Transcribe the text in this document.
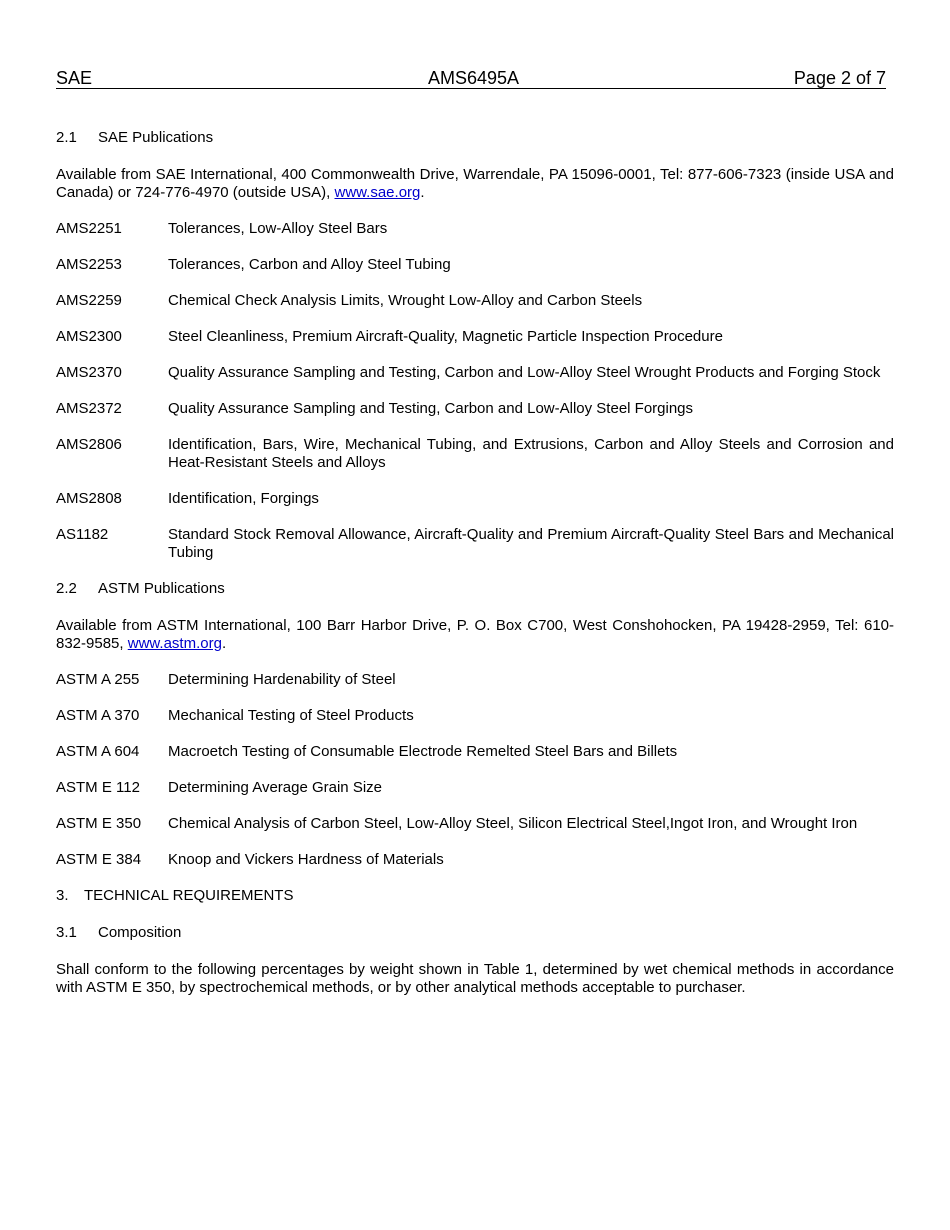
SAE	AMS6495A	Page 2 of 7
2.1 SAE Publications
Available from SAE International, 400 Commonwealth Drive, Warrendale, PA 15096-0001, Tel: 877-606-7323 (inside USA and Canada) or 724-776-4970 (outside USA), www.sae.org.
AMS2251	Tolerances, Low-Alloy Steel Bars
AMS2253	Tolerances, Carbon and Alloy Steel Tubing
AMS2259	Chemical Check Analysis Limits, Wrought Low-Alloy and Carbon Steels
AMS2300	Steel Cleanliness, Premium Aircraft-Quality, Magnetic Particle Inspection Procedure
AMS2370	Quality Assurance Sampling and Testing, Carbon and Low-Alloy Steel Wrought Products and Forging Stock
AMS2372	Quality Assurance Sampling and Testing, Carbon and Low-Alloy Steel Forgings
AMS2806	Identification, Bars, Wire, Mechanical Tubing, and Extrusions, Carbon and Alloy Steels and Corrosion and Heat-Resistant Steels and Alloys
AMS2808	Identification, Forgings
AS1182	Standard Stock Removal Allowance, Aircraft-Quality and Premium Aircraft-Quality Steel Bars and Mechanical Tubing
2.2 ASTM Publications
Available from ASTM International, 100 Barr Harbor Drive, P. O. Box C700, West Conshohocken, PA 19428-2959, Tel: 610-832-9585, www.astm.org.
ASTM A 255	Determining Hardenability of Steel
ASTM A 370	Mechanical Testing of Steel Products
ASTM A 604	Macroetch Testing of Consumable Electrode Remelted Steel Bars and Billets
ASTM E 112	Determining Average Grain Size
ASTM E 350	Chemical Analysis of Carbon Steel, Low-Alloy Steel, Silicon Electrical Steel,Ingot Iron, and Wrought Iron
ASTM E 384	Knoop and Vickers Hardness of Materials
3. TECHNICAL REQUIREMENTS
3.1 Composition
Shall conform to the following percentages by weight shown in Table 1, determined by wet chemical methods in accordance with ASTM E 350, by spectrochemical methods, or by other analytical methods acceptable to purchaser.
